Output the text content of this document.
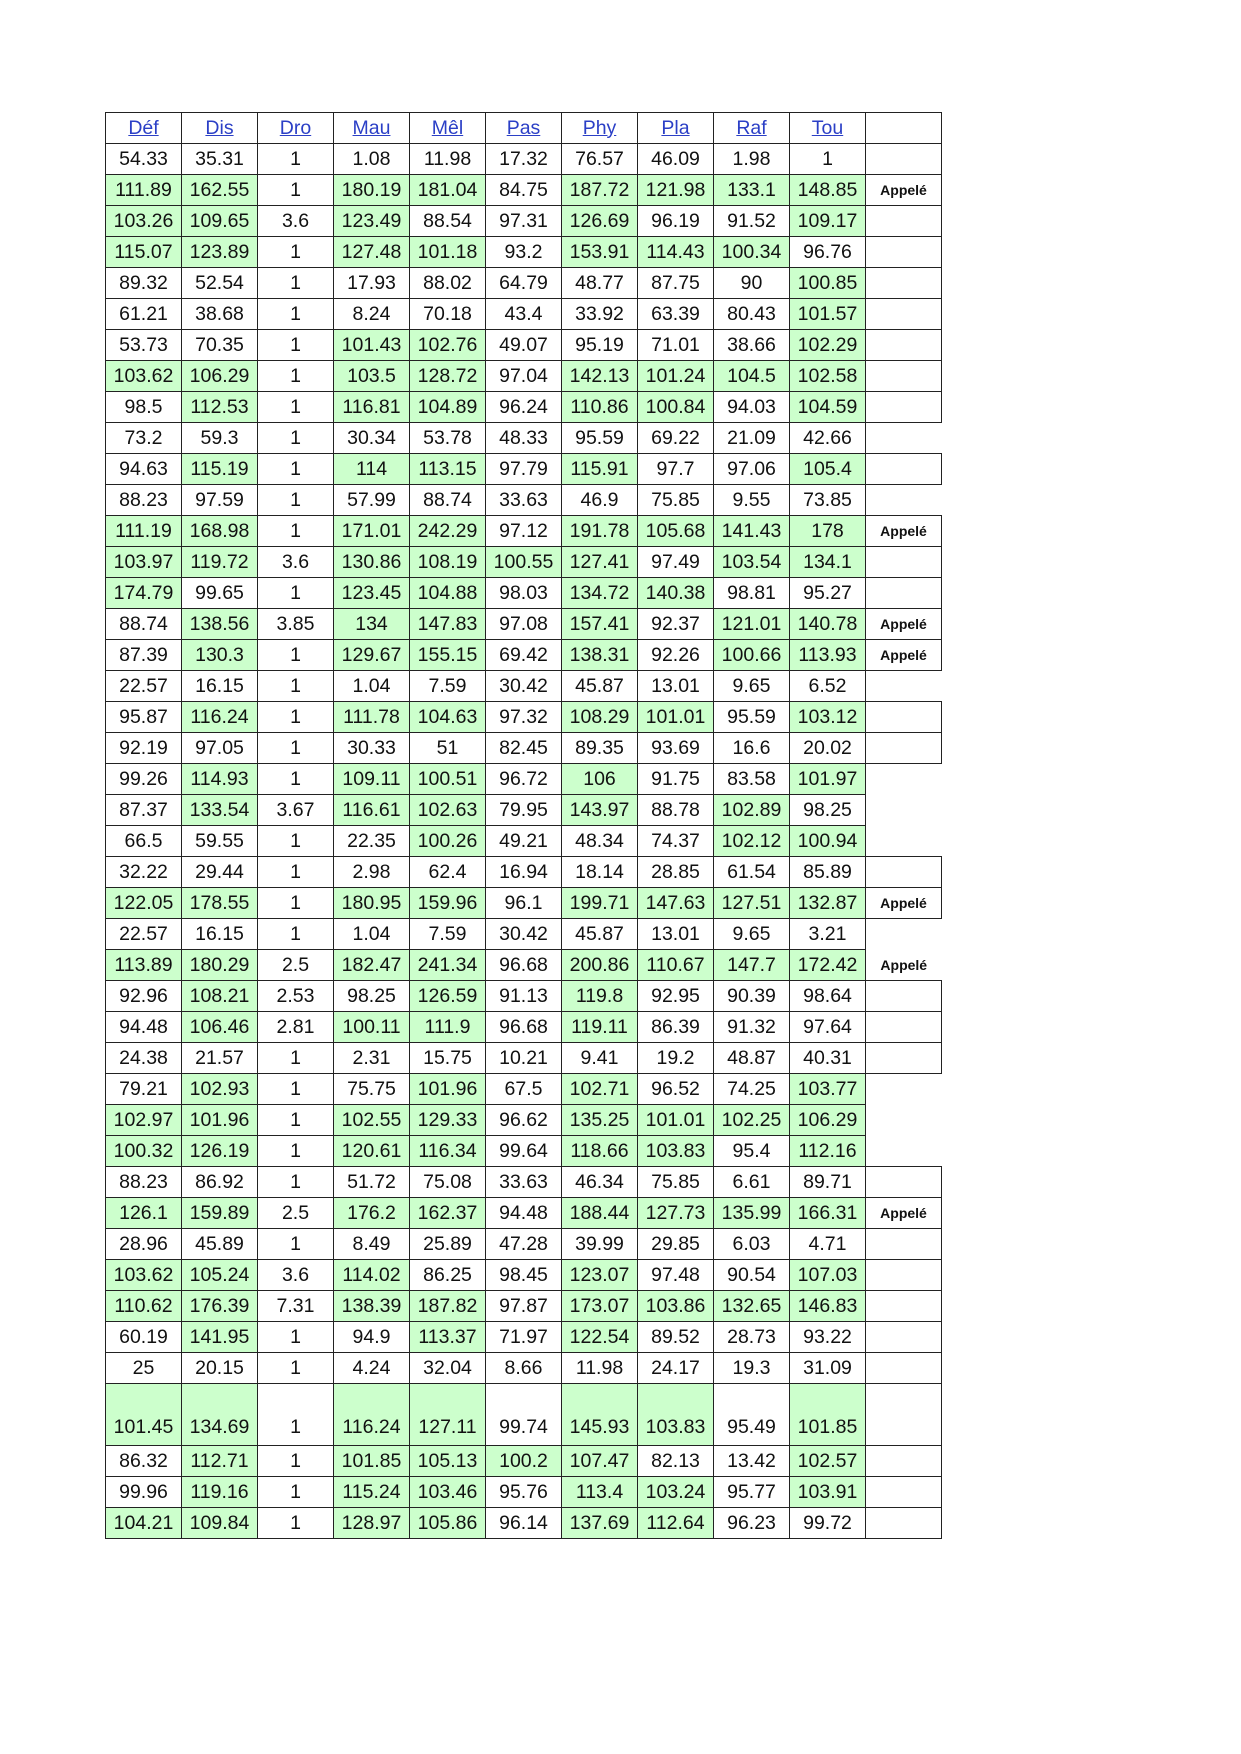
Déf	Dis	Dro	Mau	Mêl	Pas	Phy	Pla	Raf	Tou	
54.33	35.31	1	1.08	11.98	17.32	76.57	46.09	1.98	1	
111.89	162.55	1	180.19	181.04	84.75	187.72	121.98	133.1	148.85	Appelé
103.26	109.65	3.6	123.49	88.54	97.31	126.69	96.19	91.52	109.17	
115.07	123.89	1	127.48	101.18	93.2	153.91	114.43	100.34	96.76	
89.32	52.54	1	17.93	88.02	64.79	48.77	87.75	90	100.85	
61.21	38.68	1	8.24	70.18	43.4	33.92	63.39	80.43	101.57	
53.73	70.35	1	101.43	102.76	49.07	95.19	71.01	38.66	102.29	
103.62	106.29	1	103.5	128.72	97.04	142.13	101.24	104.5	102.58	
98.5	112.53	1	116.81	104.89	96.24	110.86	100.84	94.03	104.59	
73.2	59.3	1	30.34	53.78	48.33	95.59	69.22	21.09	42.66	
94.63	115.19	1	114	113.15	97.79	115.91	97.7	97.06	105.4	
88.23	97.59	1	57.99	88.74	33.63	46.9	75.85	9.55	73.85	
111.19	168.98	1	171.01	242.29	97.12	191.78	105.68	141.43	178	Appelé
103.97	119.72	3.6	130.86	108.19	100.55	127.41	97.49	103.54	134.1	
174.79	99.65	1	123.45	104.88	98.03	134.72	140.38	98.81	95.27	
88.74	138.56	3.85	134	147.83	97.08	157.41	92.37	121.01	140.78	Appelé
87.39	130.3	1	129.67	155.15	69.42	138.31	92.26	100.66	113.93	Appelé
22.57	16.15	1	1.04	7.59	30.42	45.87	13.01	9.65	6.52	
95.87	116.24	1	111.78	104.63	97.32	108.29	101.01	95.59	103.12	
92.19	97.05	1	30.33	51	82.45	89.35	93.69	16.6	20.02	
99.26	114.93	1	109.11	100.51	96.72	106	91.75	83.58	101.97	
87.37	133.54	3.67	116.61	102.63	79.95	143.97	88.78	102.89	98.25	
66.5	59.55	1	22.35	100.26	49.21	48.34	74.37	102.12	100.94	
32.22	29.44	1	2.98	62.4	16.94	18.14	28.85	61.54	85.89	
122.05	178.55	1	180.95	159.96	96.1	199.71	147.63	127.51	132.87	Appelé
22.57	16.15	1	1.04	7.59	30.42	45.87	13.01	9.65	3.21	
113.89	180.29	2.5	182.47	241.34	96.68	200.86	110.67	147.7	172.42	Appelé
92.96	108.21	2.53	98.25	126.59	91.13	119.8	92.95	90.39	98.64	
94.48	106.46	2.81	100.11	111.9	96.68	119.11	86.39	91.32	97.64	
24.38	21.57	1	2.31	15.75	10.21	9.41	19.2	48.87	40.31	
79.21	102.93	1	75.75	101.96	67.5	102.71	96.52	74.25	103.77	
102.97	101.96	1	102.55	129.33	96.62	135.25	101.01	102.25	106.29	
100.32	126.19	1	120.61	116.34	99.64	118.66	103.83	95.4	112.16	
88.23	86.92	1	51.72	75.08	33.63	46.34	75.85	6.61	89.71	
126.1	159.89	2.5	176.2	162.37	94.48	188.44	127.73	135.99	166.31	Appelé
28.96	45.89	1	8.49	25.89	47.28	39.99	29.85	6.03	4.71	
103.62	105.24	3.6	114.02	86.25	98.45	123.07	97.48	90.54	107.03	
110.62	176.39	7.31	138.39	187.82	97.87	173.07	103.86	132.65	146.83	
60.19	141.95	1	94.9	113.37	71.97	122.54	89.52	28.73	93.22	
25	20.15	1	4.24	32.04	8.66	11.98	24.17	19.3	31.09	
101.45	134.69	1	116.24	127.11	99.74	145.93	103.83	95.49	101.85	
86.32	112.71	1	101.85	105.13	100.2	107.47	82.13	13.42	102.57	
99.96	119.16	1	115.24	103.46	95.76	113.4	103.24	95.77	103.91	
104.21	109.84	1	128.97	105.86	96.14	137.69	112.64	96.23	99.72	
